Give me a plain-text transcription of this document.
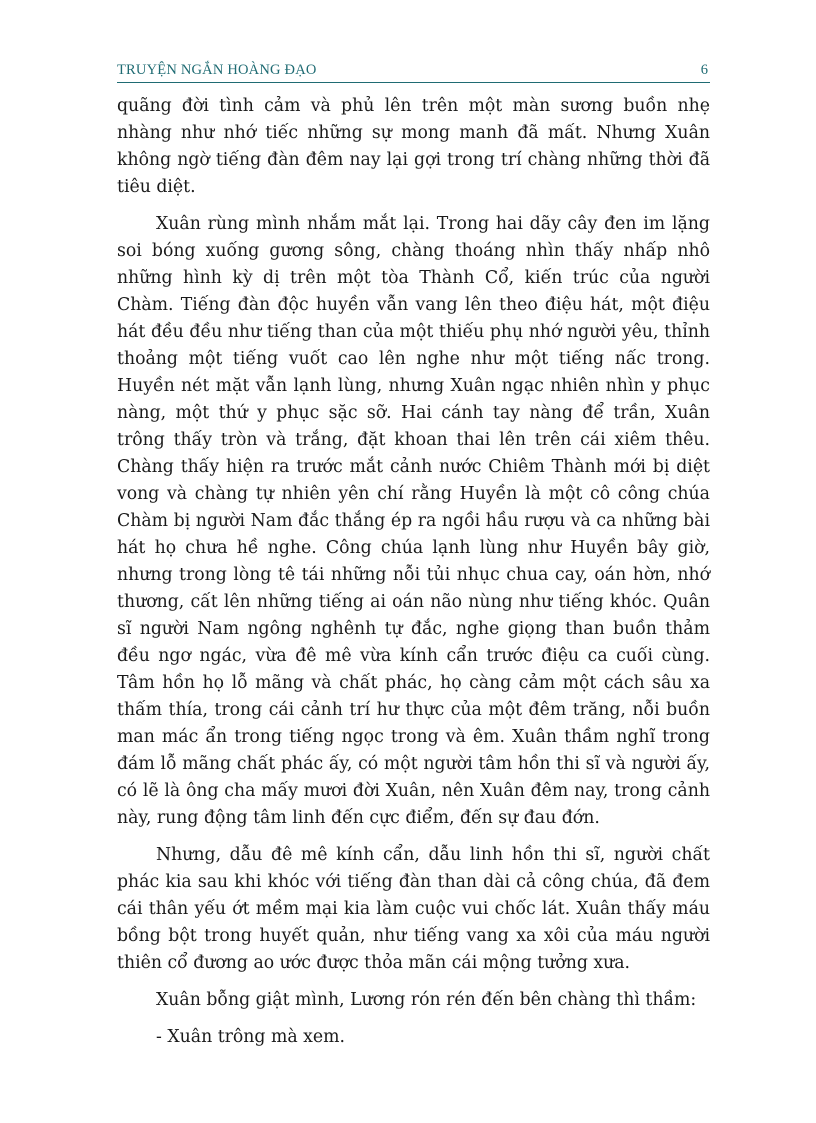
TRUYỆN NGẮN HOÀNG ĐẠO	6

quãng đời tình cảm và phủ lên trên một màn sương buồn nhẹ nhàng như nhớ tiếc những sự mong manh đã mất. Nhưng Xuân không ngờ tiếng đàn đêm nay lại gợi trong trí chàng những thời đã tiêu diệt.

Xuân rùng mình nhắm mắt lại. Trong hai dãy cây đen im lặng soi bóng xuống gương sông, chàng thoáng nhìn thấy nhấp nhô những hình kỳ dị trên một tòa Thành Cổ, kiến trúc của người Chàm. Tiếng đàn độc huyền vẫn vang lên theo điệu hát, một điệu hát đều đều như tiếng than của một thiếu phụ nhớ người yêu, thỉnh thoảng một tiếng vuốt cao lên nghe như một tiếng nấc trong. Huyền nét mặt vẫn lạnh lùng, nhưng Xuân ngạc nhiên nhìn y phục nàng, một thứ y phục sặc sỡ. Hai cánh tay nàng để trần, Xuân trông thấy tròn và trắng, đặt khoan thai lên trên cái xiêm thêu. Chàng thấy hiện ra trước mắt cảnh nước Chiêm Thành mới bị diệt vong và chàng tự nhiên yên chí rằng Huyền là một cô công chúa Chàm bị người Nam đắc thắng ép ra ngồi hầu rượu và ca những bài hát họ chưa hề nghe. Công chúa lạnh lùng như Huyền bây giờ, nhưng trong lòng tê tái những nỗi tủi nhục chua cay, oán hờn, nhớ thương, cất lên những tiếng ai oán não nùng như tiếng khóc. Quân sĩ người Nam ngông nghênh tự đắc, nghe giọng than buồn thảm đều ngơ ngác, vừa đê mê vừa kính cẩn trước điệu ca cuối cùng. Tâm hồn họ lỗ mãng và chất phác, họ càng cảm một cách sâu xa thấm thía, trong cái cảnh trí hư thực của một đêm trăng, nỗi buồn man mác ẩn trong tiếng ngọc trong và êm. Xuân thầm nghĩ trong đám lỗ mãng chất phác ấy, có một người tâm hồn thi sĩ và người ấy, có lẽ là ông cha mấy mươi đời Xuân, nên Xuân đêm nay, trong cảnh này, rung động tâm linh đến cực điểm, đến sự đau đớn.

Nhưng, dẫu đê mê kính cẩn, dẫu linh hồn thi sĩ, người chất phác kia sau khi khóc với tiếng đàn than dài cả công chúa, đã đem cái thân yếu ớt mềm mại kia làm cuộc vui chốc lát. Xuân thấy máu bồng bột trong huyết quản, như tiếng vang xa xôi của máu người thiên cổ đương ao ước được thỏa mãn cái mộng tưởng xưa.

Xuân bỗng giật mình, Lương rón rén đến bên chàng thì thầm:

- Xuân trông mà xem.
